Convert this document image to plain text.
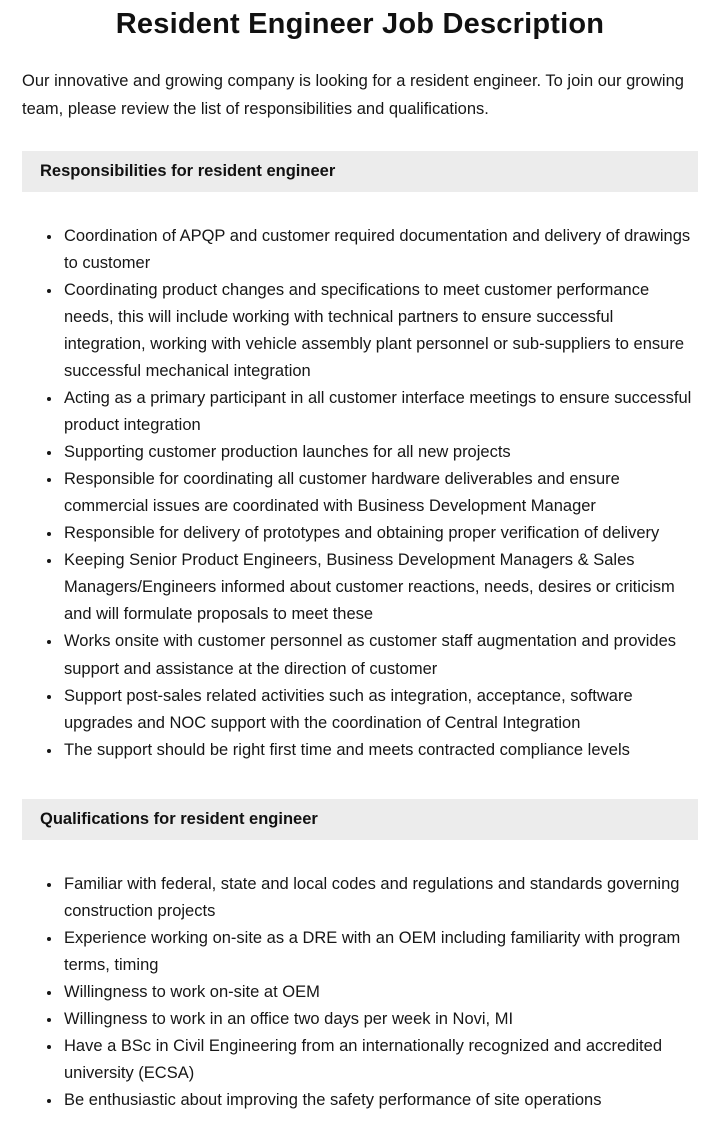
Resident Engineer Job Description

Our innovative and growing company is looking for a resident engineer. To join our growing team, please review the list of responsibilities and qualifications.

Responsibilities for resident engineer
• Coordination of APQP and customer required documentation and delivery of drawings to customer
• Coordinating product changes and specifications to meet customer performance needs, this will include working with technical partners to ensure successful integration, working with vehicle assembly plant personnel or sub-suppliers to ensure successful mechanical integration
• Acting as a primary participant in all customer interface meetings to ensure successful product integration
• Supporting customer production launches for all new projects
• Responsible for coordinating all customer hardware deliverables and ensure commercial issues are coordinated with Business Development Manager
• Responsible for delivery of prototypes and obtaining proper verification of delivery
• Keeping Senior Product Engineers, Business Development Managers & Sales Managers/Engineers informed about customer reactions, needs, desires or criticism and will formulate proposals to meet these
• Works onsite with customer personnel as customer staff augmentation and provides support and assistance at the direction of customer
• Support post-sales related activities such as integration, acceptance, software upgrades and NOC support with the coordination of Central Integration
• The support should be right first time and meets contracted compliance levels
Qualifications for resident engineer
• Familiar with federal, state and local codes and regulations and standards governing construction projects
• Experience working on-site as a DRE with an OEM including familiarity with program terms, timing
• Willingness to work on-site at OEM
• Willingness to work in an office two days per week in Novi, MI
• Have a BSc in Civil Engineering from an internationally recognized and accredited university (ECSA)
• Be enthusiastic about improving the safety performance of site operations
